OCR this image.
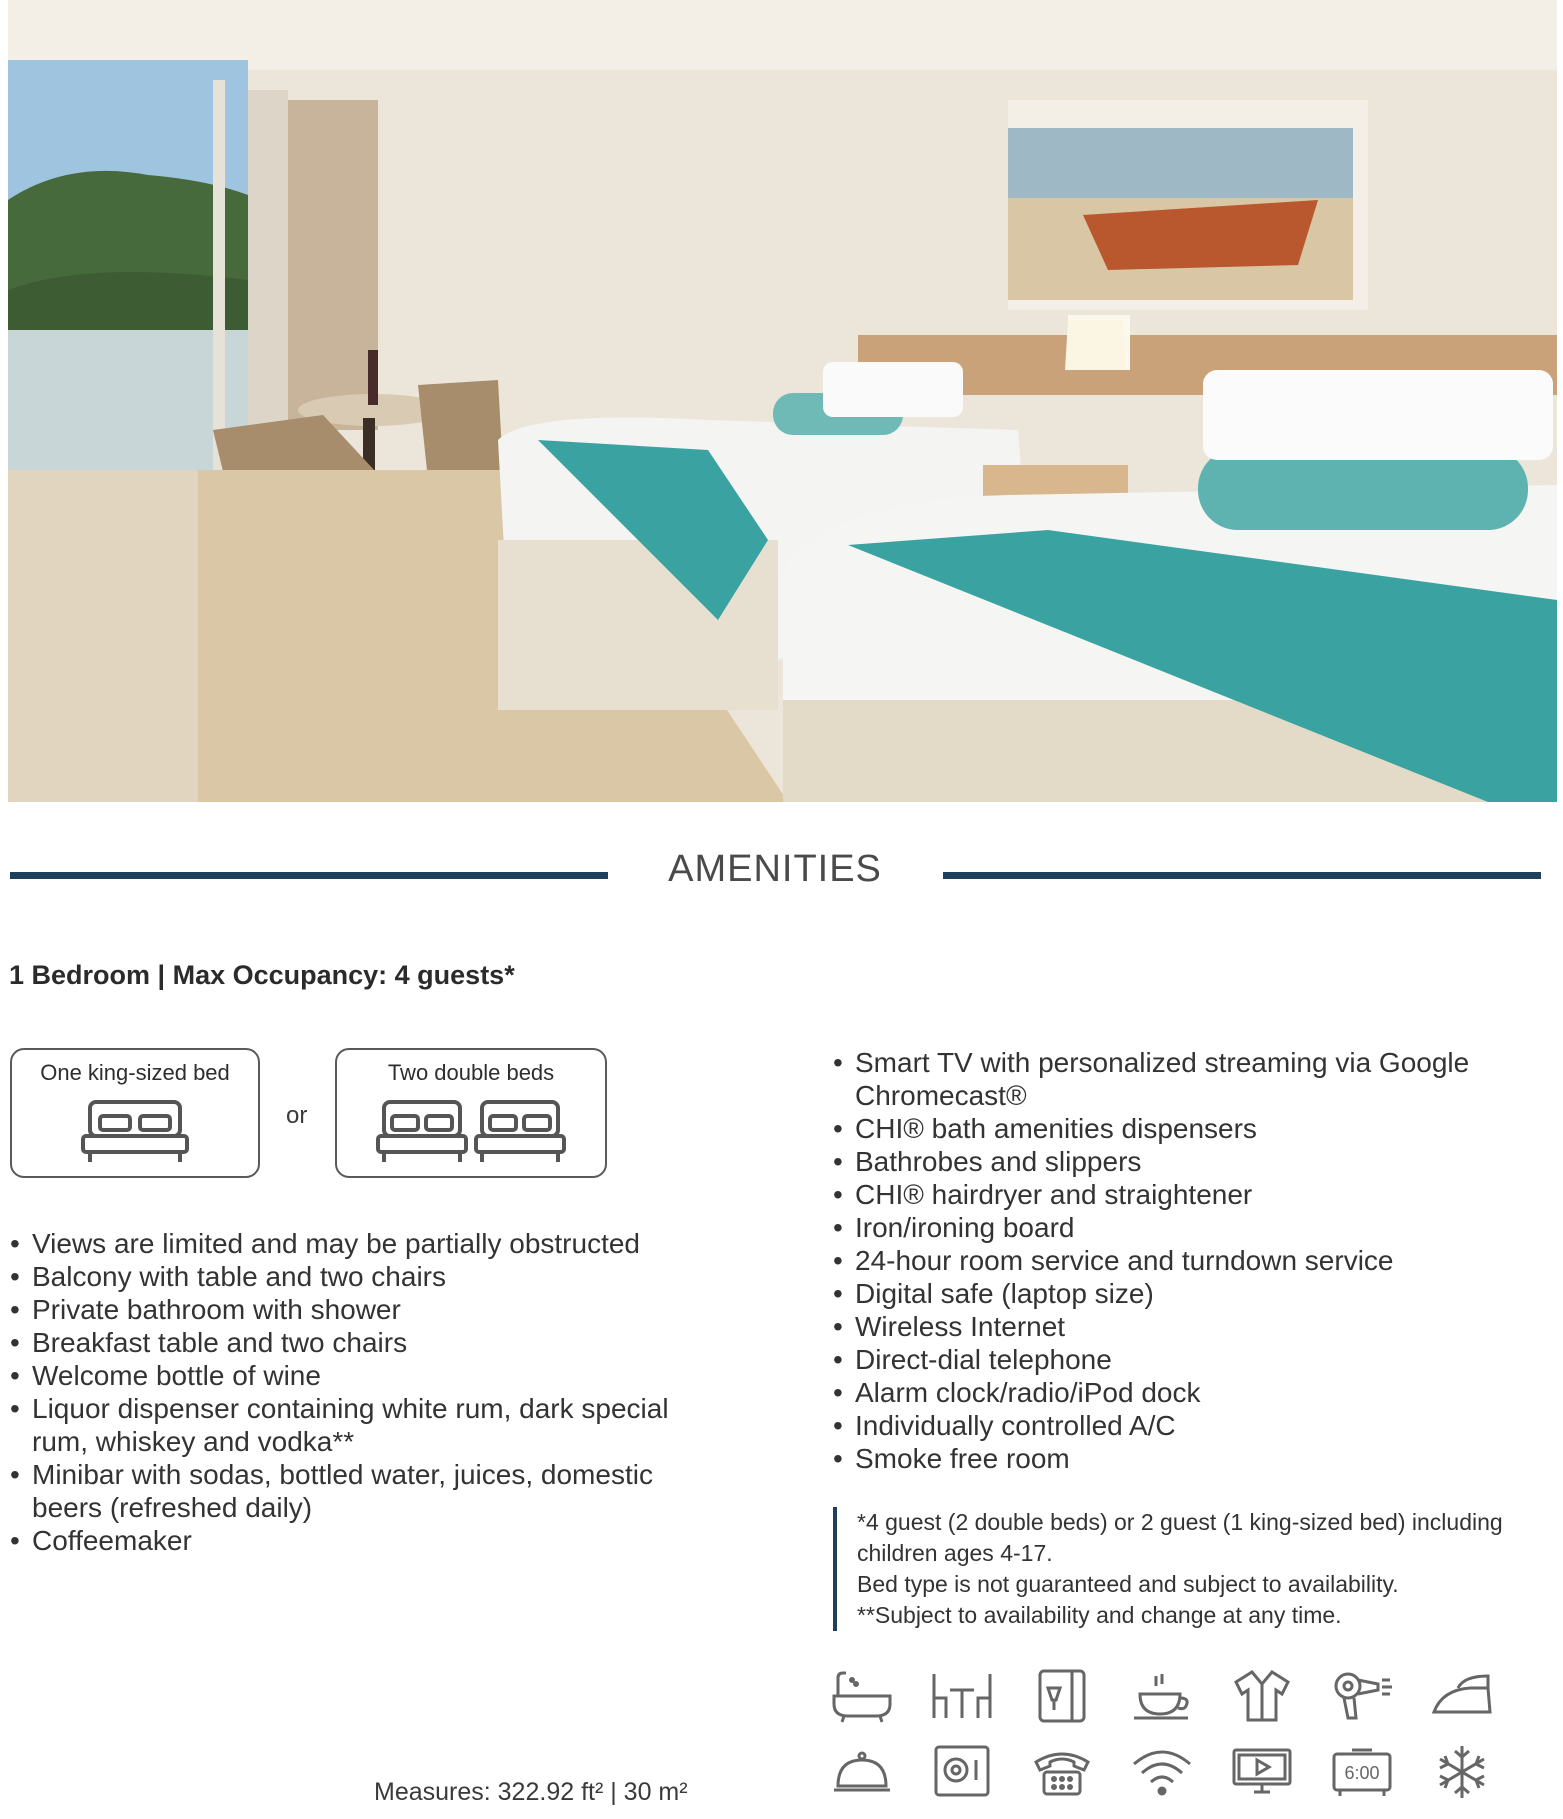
AMENITIES
1 Bedroom | Max Occupancy: 4 guests*
One king-sized bed
or
Two double beds
• Views are limited and may be partially obstructed
• Balcony with table and two chairs
• Private bathroom with shower
• Breakfast table and two chairs
• Welcome bottle of wine
• Liquor dispenser containing white rum, dark special rum, whiskey and vodka**
• Minibar with sodas, bottled water, juices, domestic beers (refreshed daily)
• Coffeemaker
• Smart TV with personalized streaming via Google Chromecast®
• CHI® bath amenities dispensers
• Bathrobes and slippers
• CHI® hairdryer and straightener
• Iron/ironing board
• 24-hour room service and turndown service
• Digital safe (laptop size)
• Wireless Internet
• Direct-dial telephone
• Alarm clock/radio/iPod dock
• Individually controlled A/C
• Smoke free room

*4 guest (2 double beds) or 2 guest (1 king-sized bed) including children ages 4-17.

Bed type is not guaranteed and subject to availability.

**Subject to availability and change at any time.

6:00
Measures: 322.92 ft² | 30 m²
